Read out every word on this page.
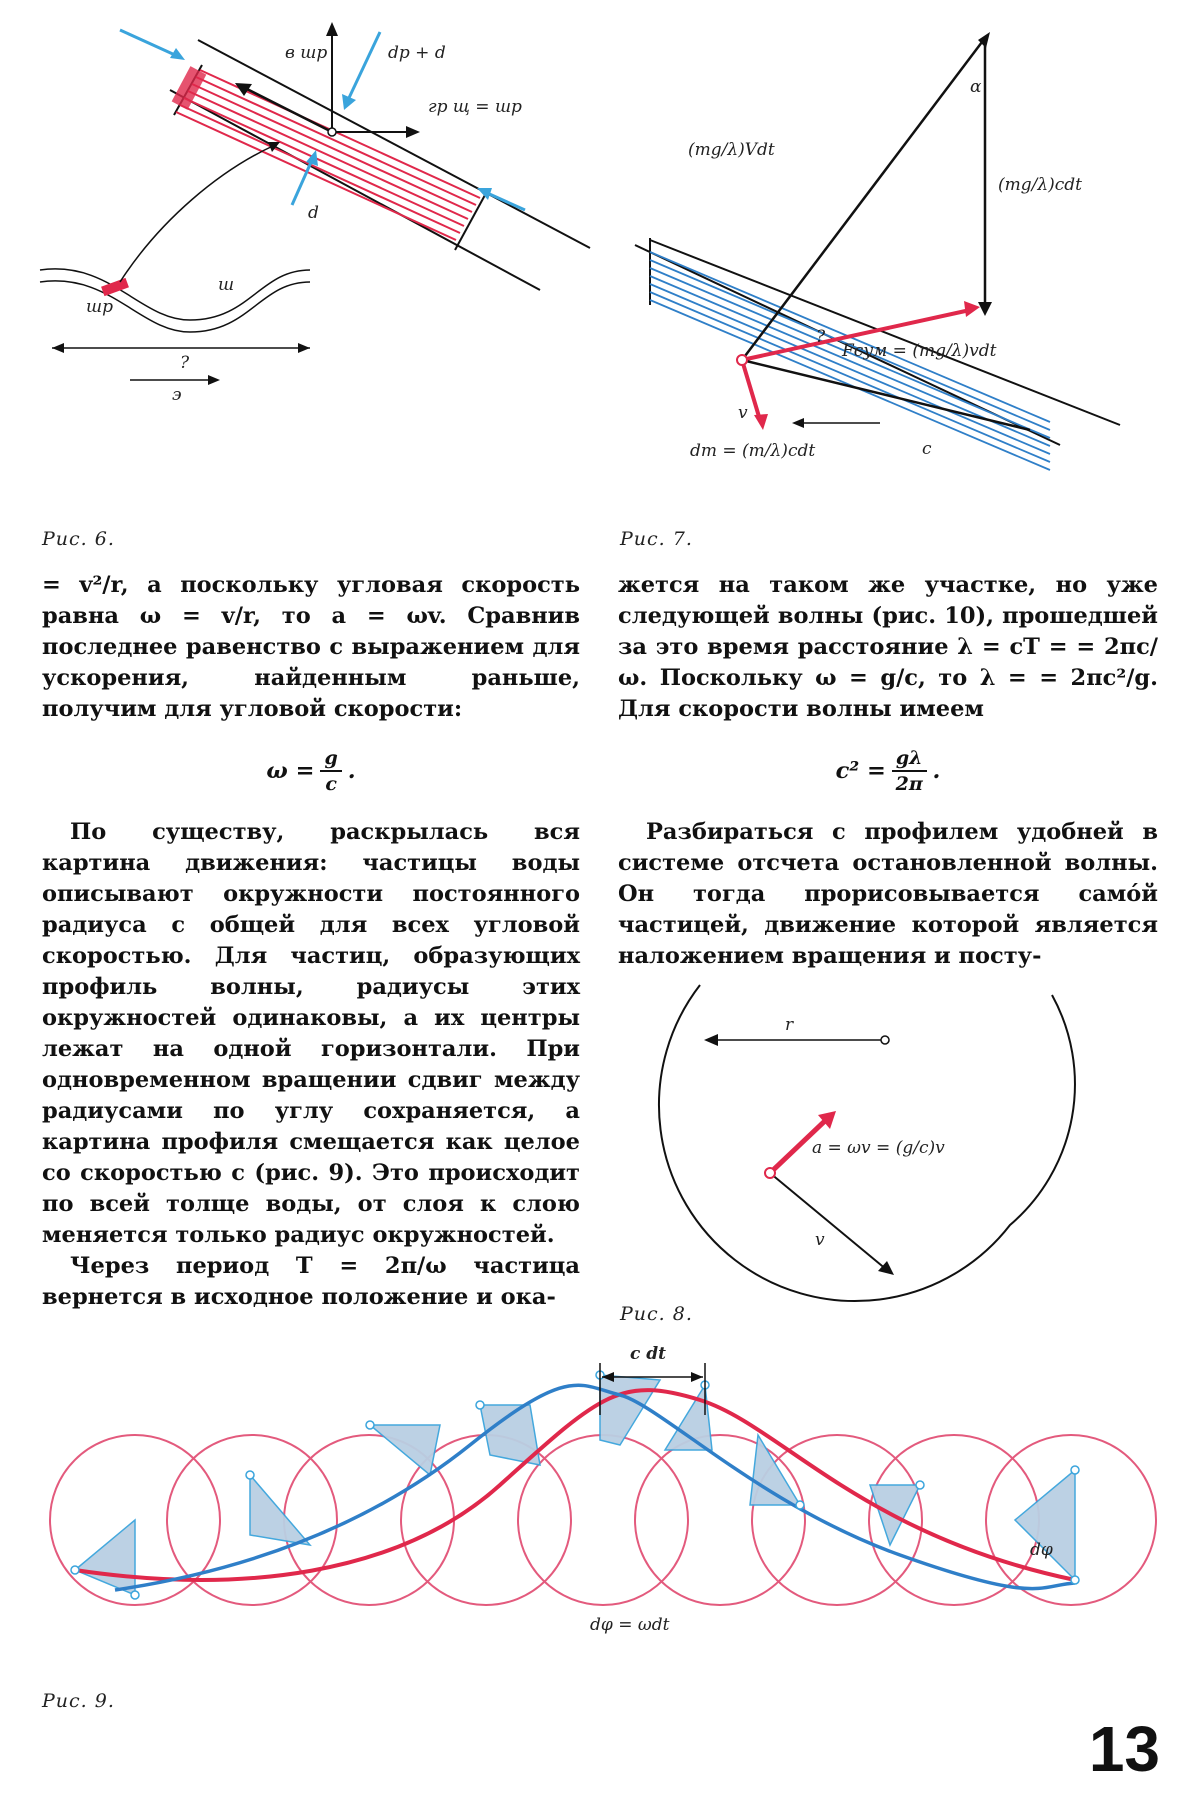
в шр	dp + d
гр щ = шр
d
ш
шр
?
э
Рис. 6.
α
(mg/λ)Vdt
(mg/λ)cdt
?
Fсум = (mg/λ)vdt
v
c
dm = (m/λ)cdt
Рис. 7.

= v²/r, а поскольку угловая скорость равна ω = v/r, то a = ωv. Сравнив последнее равенство с выражением для ускорения, найденным раньше, получим для угловой скорости:

$\omega = \frac{g}{c}$ .

По существу, раскрылась вся картина движения: частицы воды описывают окружности постоянного радиуса с общей для всех угловой скоростью. Для частиц, образующих профиль волны, радиусы этих окружностей одинаковы, а их центры лежат на одной горизонтали. При одновременном вращении сдвиг между радиусами по углу сохраняется, а картина профиля смещается как целое со скоростью c (рис. 9). Это происходит по всей толще воды, от слоя к слою меняется только радиус окружностей.

Через период T = 2π/ω частица вернется в исходное положение и ока-

жется на таком же участке, но уже следующей волны (рис. 10), прошедшей за это время расстояние λ = cT = = 2πc/ω. Поскольку ω = g/c, то λ = = 2πc²/g. Для скорости волны имеем

$c^2 = \frac{g\lambda}{2\pi}$ .

Разбираться с профилем удобней в системе отсчета остановленной волны. Он тогда прорисовывается самóй частицей, движение которой является наложением вращения и посту-

r
a = ωv = (g/c)v
v
Рис. 8.
c dt
dφ
dφ = ωdt
Рис. 9.
13
